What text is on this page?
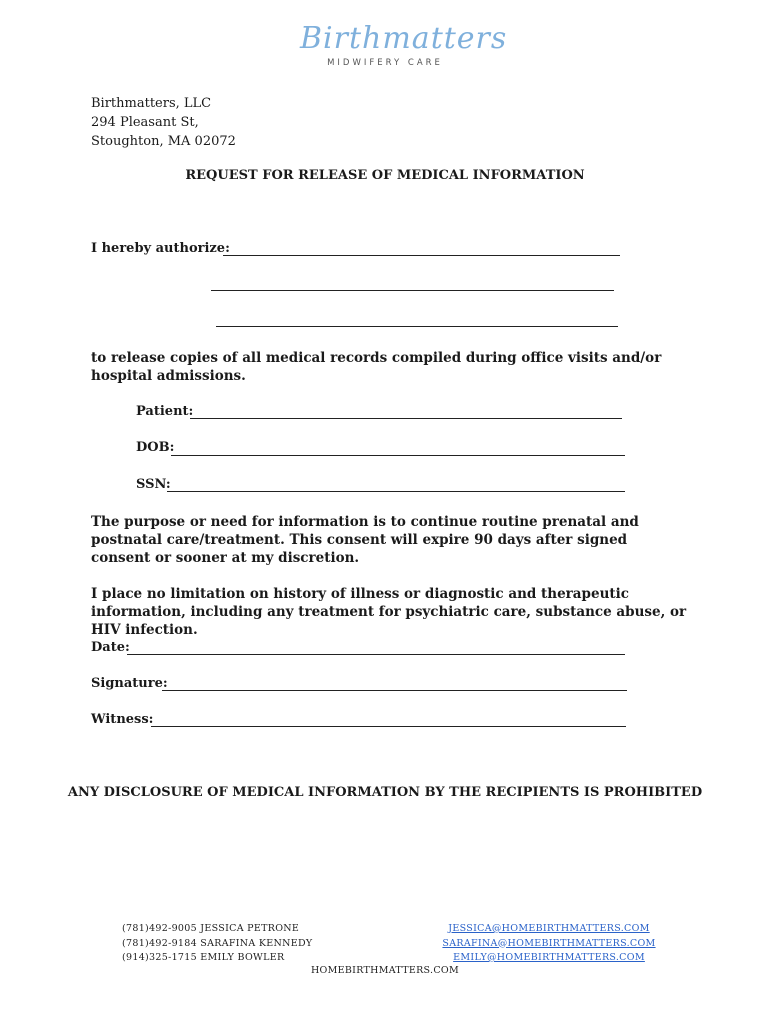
Birthmatters
MIDWIFERY CARE
Birthmatters, LLC
294 Pleasant St,
Stoughton, MA 02072
REQUEST FOR RELEASE OF MEDICAL INFORMATION
I hereby authorize:
to release copies of all medical records compiled during office visits and/or hospital admissions.
Patient:
DOB:
SSN:
The purpose or need for information is to continue routine prenatal and postnatal care/treatment. This consent will expire 90 days after signed consent or sooner at my discretion.
I place no limitation on history of illness or diagnostic and therapeutic information, including any treatment for psychiatric care, substance abuse, or HIV infection.
Date:
Signature:
Witness:
ANY DISCLOSURE OF MEDICAL INFORMATION BY THE RECIPIENTS IS PROHIBITED
(781)492-9005 JESSICA PETRONE
(781)492-9184 SARAFINA KENNEDY
(914)325-1715 EMILY BOWLER
JESSICA@HOMEBIRTHMATTERS.COM
SARAFINA@HOMEBIRTHMATTERS.COM
EMILY@HOMEBIRTHMATTERS.COM
HOMEBIRTHMATTERS.COM
